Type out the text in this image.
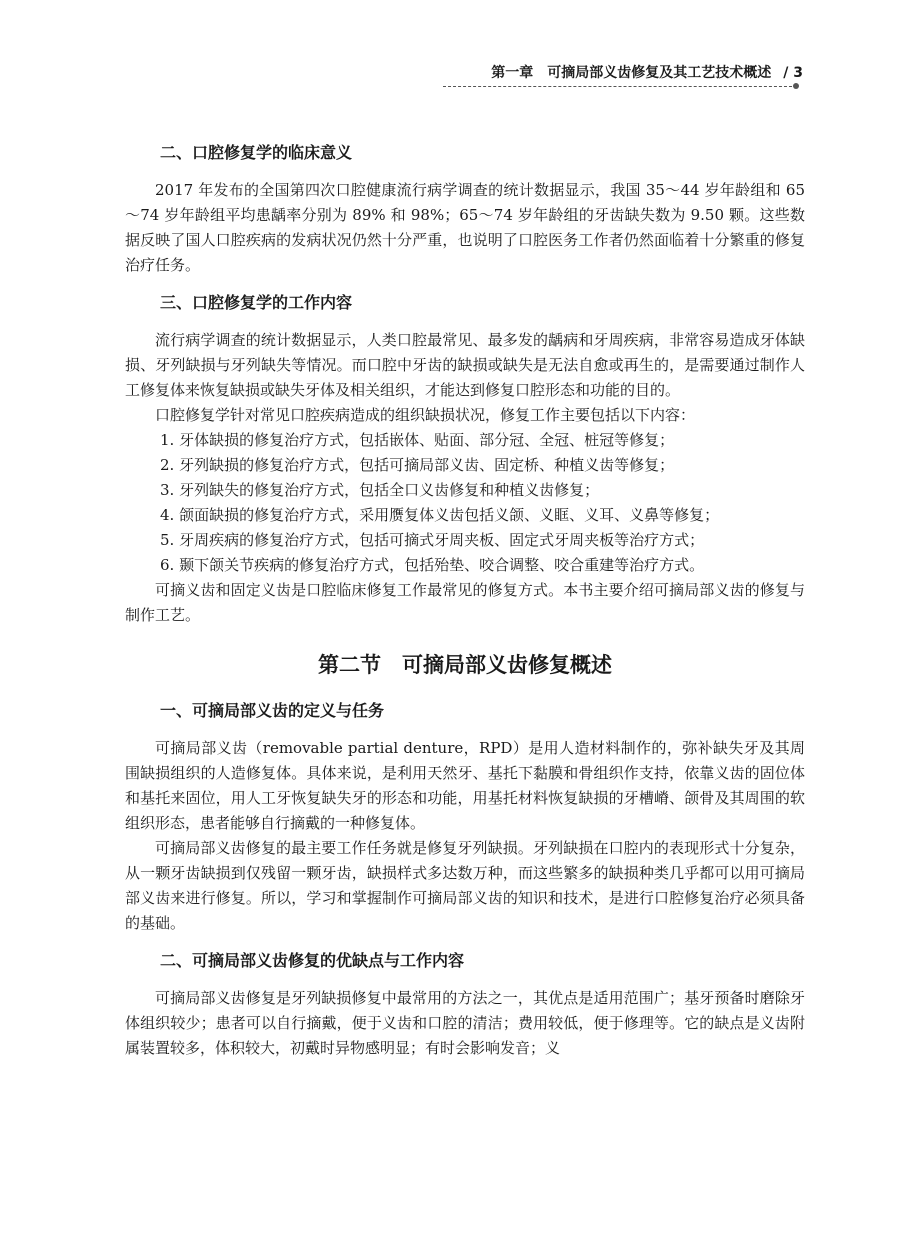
第一章　可摘局部义齿修复及其工艺技术概述 / 3
二、口腔修复学的临床意义

2017 年发布的全国第四次口腔健康流行病学调查的统计数据显示，我国 35～44 岁年龄组和 65～74 岁年龄组平均患龋率分别为 89% 和 98%；65～74 岁年龄组的牙齿缺失数为 9.50 颗。这些数据反映了国人口腔疾病的发病状况仍然十分严重，也说明了口腔医务工作者仍然面临着十分繁重的修复治疗任务。

三、口腔修复学的工作内容

流行病学调查的统计数据显示，人类口腔最常见、最多发的龋病和牙周疾病，非常容易造成牙体缺损、牙列缺损与牙列缺失等情况。而口腔中牙齿的缺损或缺失是无法自愈或再生的，是需要通过制作人工修复体来恢复缺损或缺失牙体及相关组织，才能达到修复口腔形态和功能的目的。

口腔修复学针对常见口腔疾病造成的组织缺损状况，修复工作主要包括以下内容：

1. 牙体缺损的修复治疗方式，包括嵌体、贴面、部分冠、全冠、桩冠等修复；
2. 牙列缺损的修复治疗方式，包括可摘局部义齿、固定桥、种植义齿等修复；
3. 牙列缺失的修复治疗方式，包括全口义齿修复和种植义齿修复；
4. 颌面缺损的修复治疗方式，采用赝复体义齿包括义颌、义眶、义耳、义鼻等修复；
5. 牙周疾病的修复治疗方式，包括可摘式牙周夹板、固定式牙周夹板等治疗方式；
6. 颞下颌关节疾病的修复治疗方式，包括殆垫、咬合调整、咬合重建等治疗方式。

可摘义齿和固定义齿是口腔临床修复工作最常见的修复方式。本书主要介绍可摘局部义齿的修复与制作工艺。

第二节　可摘局部义齿修复概述
一、可摘局部义齿的定义与任务

可摘局部义齿（removable partial denture，RPD）是用人造材料制作的，弥补缺失牙及其周围缺损组织的人造修复体。具体来说，是利用天然牙、基托下黏膜和骨组织作支持，依靠义齿的固位体和基托来固位，用人工牙恢复缺失牙的形态和功能，用基托材料恢复缺损的牙槽嵴、颌骨及其周围的软组织形态，患者能够自行摘戴的一种修复体。

可摘局部义齿修复的最主要工作任务就是修复牙列缺损。牙列缺损在口腔内的表现形式十分复杂，从一颗牙齿缺损到仅残留一颗牙齿，缺损样式多达数万种，而这些繁多的缺损种类几乎都可以用可摘局部义齿来进行修复。所以，学习和掌握制作可摘局部义齿的知识和技术，是进行口腔修复治疗必须具备的基础。

二、可摘局部义齿修复的优缺点与工作内容

可摘局部义齿修复是牙列缺损修复中最常用的方法之一，其优点是适用范围广；基牙预备时磨除牙体组织较少；患者可以自行摘戴，便于义齿和口腔的清洁；费用较低，便于修理等。它的缺点是义齿附属装置较多，体积较大，初戴时异物感明显；有时会影响发音；义
